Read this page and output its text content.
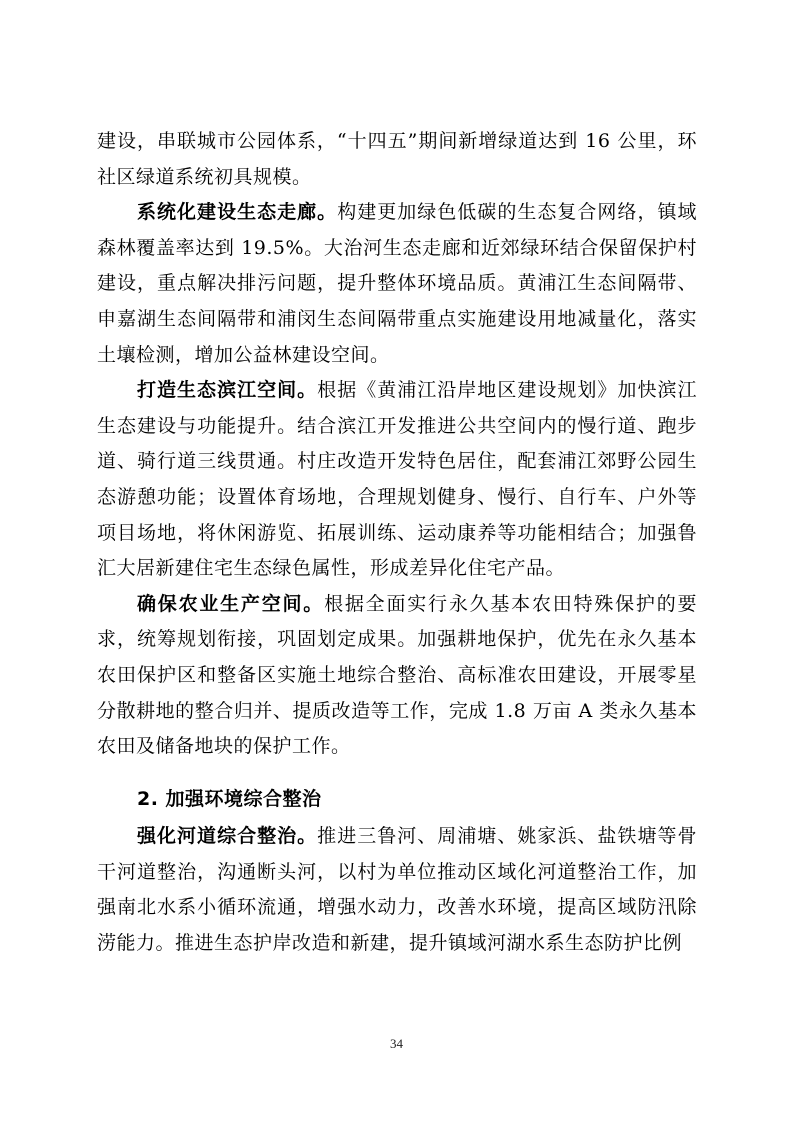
建设，串联城市公园体系，“十四五”期间新增绿道达到 16 公里，环社区绿道系统初具规模。

系统化建设生态走廊。构建更加绿色低碳的生态复合网络，镇域森林覆盖率达到 19.5%。大治河生态走廊和近郊绿环结合保留保护村建设，重点解决排污问题，提升整体环境品质。黄浦江生态间隔带、申嘉湖生态间隔带和浦闵生态间隔带重点实施建设用地减量化，落实土壤检测，增加公益林建设空间。

打造生态滨江空间。根据《黄浦江沿岸地区建设规划》加快滨江生态建设与功能提升。结合滨江开发推进公共空间内的慢行道、跑步道、骑行道三线贯通。村庄改造开发特色居住，配套浦江郊野公园生态游憩功能；设置体育场地，合理规划健身、慢行、自行车、户外等项目场地，将休闲游览、拓展训练、运动康养等功能相结合；加强鲁汇大居新建住宅生态绿色属性，形成差异化住宅产品。

确保农业生产空间。根据全面实行永久基本农田特殊保护的要求，统筹规划衔接，巩固划定成果。加强耕地保护，优先在永久基本农田保护区和整备区实施土地综合整治、高标准农田建设，开展零星分散耕地的整合归并、提质改造等工作，完成 1.8 万亩 A 类永久基本农田及储备地块的保护工作。

2. 加强环境综合整治

强化河道综合整治。推进三鲁河、周浦塘、姚家浜、盐铁塘等骨干河道整治，沟通断头河，以村为单位推动区域化河道整治工作，加强南北水系小循环流通，增强水动力，改善水环境，提高区域防汛除涝能力。推进生态护岸改造和新建，提升镇域河湖水系生态防护比例

34
